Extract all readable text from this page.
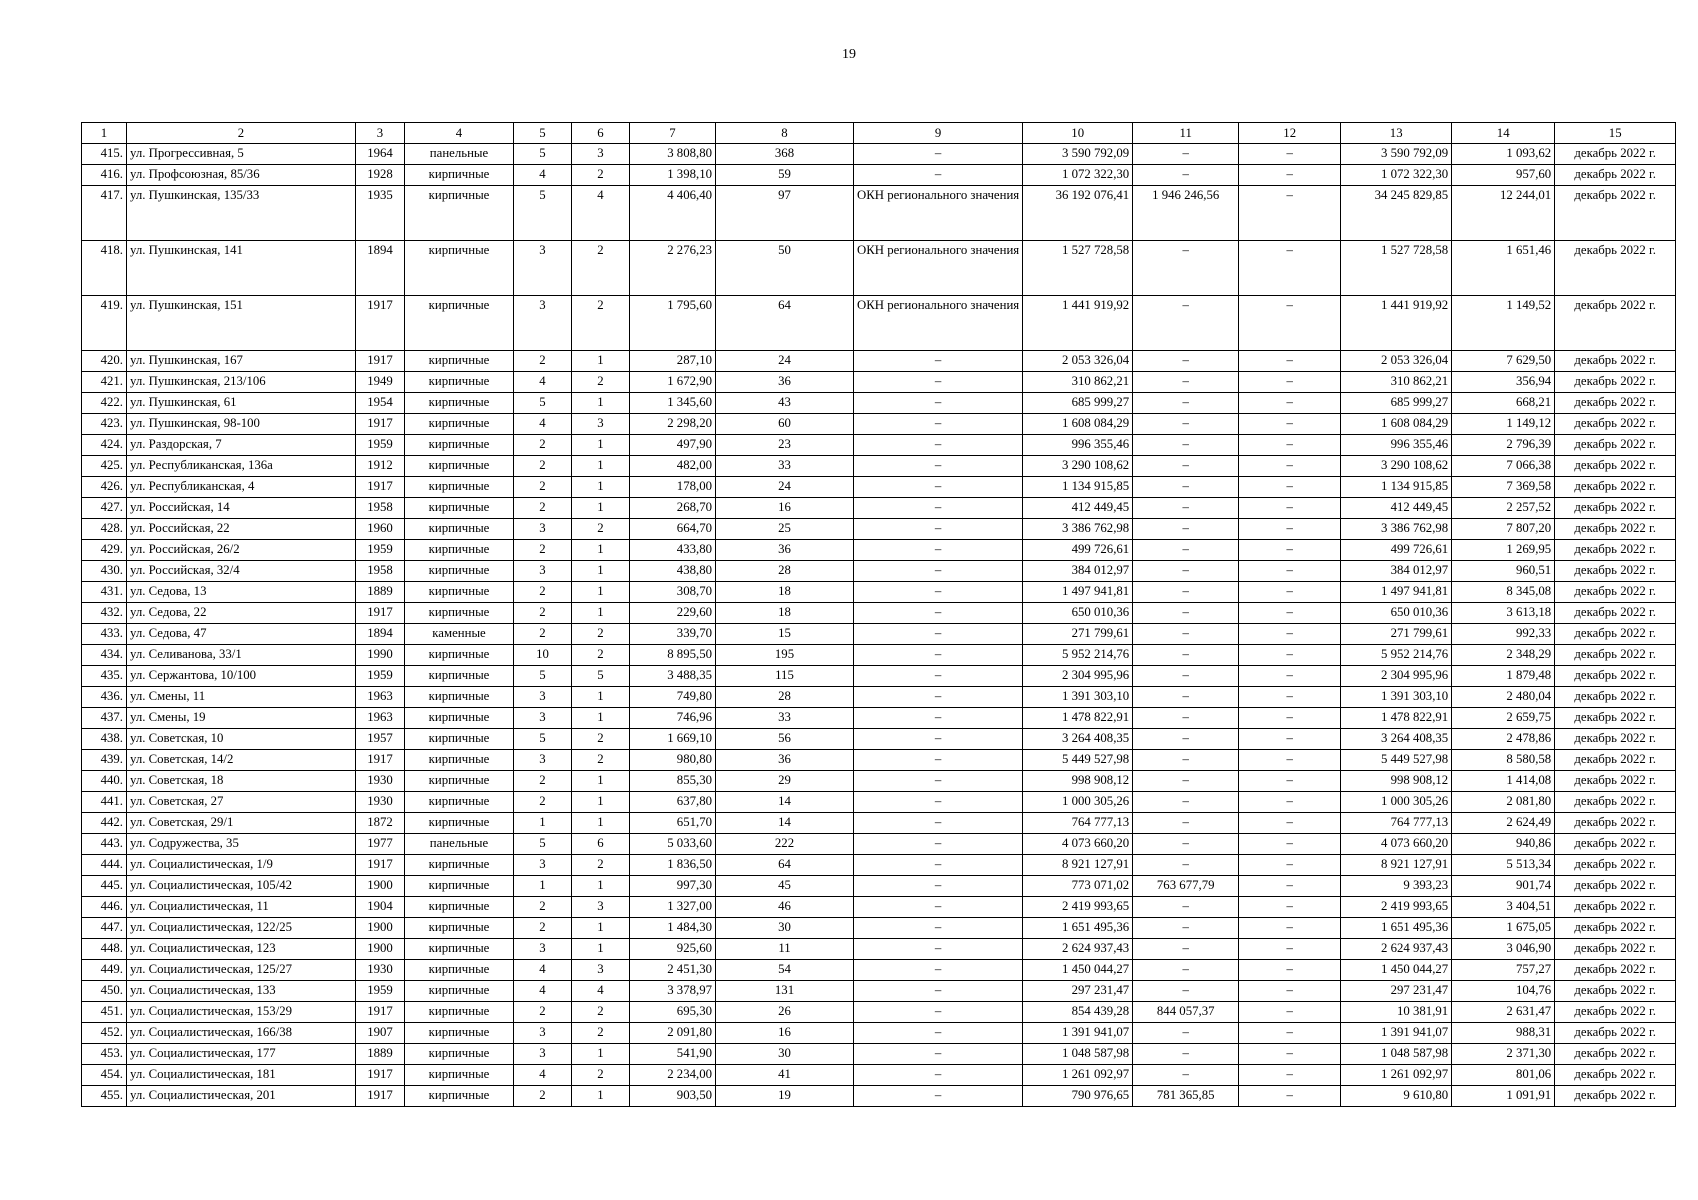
19
1	2	3	4	5	6	7	8	9	10	11	12	13	14	15
415.	ул. Прогрессивная, 5	1964	панельные	5	3	3 808,80	368	–	3 590 792,09	–	–	3 590 792,09	1 093,62	декабрь 2022 г.
416.	ул. Профсоюзная, 85/36	1928	кирпичные	4	2	1 398,10	59	–	1 072 322,30	–	–	1 072 322,30	957,60	декабрь 2022 г.
417.	ул. Пушкинская, 135/33	1935	кирпичные	5	4	4 406,40	97	ОКН регионального значения	36 192 076,41	1 946 246,56	–	34 245 829,85	12 244,01	декабрь 2022 г.
418.	ул. Пушкинская, 141	1894	кирпичные	3	2	2 276,23	50	ОКН регионального значения	1 527 728,58	–	–	1 527 728,58	1 651,46	декабрь 2022 г.
419.	ул. Пушкинская, 151	1917	кирпичные	3	2	1 795,60	64	ОКН регионального значения	1 441 919,92	–	–	1 441 919,92	1 149,52	декабрь 2022 г.
420.	ул. Пушкинская, 167	1917	кирпичные	2	1	287,10	24	–	2 053 326,04	–	–	2 053 326,04	7 629,50	декабрь 2022 г.
421.	ул. Пушкинская, 213/106	1949	кирпичные	4	2	1 672,90	36	–	310 862,21	–	–	310 862,21	356,94	декабрь 2022 г.
422.	ул. Пушкинская, 61	1954	кирпичные	5	1	1 345,60	43	–	685 999,27	–	–	685 999,27	668,21	декабрь 2022 г.
423.	ул. Пушкинская, 98-100	1917	кирпичные	4	3	2 298,20	60	–	1 608 084,29	–	–	1 608 084,29	1 149,12	декабрь 2022 г.
424.	ул. Раздорская, 7	1959	кирпичные	2	1	497,90	23	–	996 355,46	–	–	996 355,46	2 796,39	декабрь 2022 г.
425.	ул. Республиканская, 136а	1912	кирпичные	2	1	482,00	33	–	3 290 108,62	–	–	3 290 108,62	7 066,38	декабрь 2022 г.
426.	ул. Республиканская, 4	1917	кирпичные	2	1	178,00	24	–	1 134 915,85	–	–	1 134 915,85	7 369,58	декабрь 2022 г.
427.	ул. Российская, 14	1958	кирпичные	2	1	268,70	16	–	412 449,45	–	–	412 449,45	2 257,52	декабрь 2022 г.
428.	ул. Российская, 22	1960	кирпичные	3	2	664,70	25	–	3 386 762,98	–	–	3 386 762,98	7 807,20	декабрь 2022 г.
429.	ул. Российская, 26/2	1959	кирпичные	2	1	433,80	36	–	499 726,61	–	–	499 726,61	1 269,95	декабрь 2022 г.
430.	ул. Российская, 32/4	1958	кирпичные	3	1	438,80	28	–	384 012,97	–	–	384 012,97	960,51	декабрь 2022 г.
431.	ул. Седова, 13	1889	кирпичные	2	1	308,70	18	–	1 497 941,81	–	–	1 497 941,81	8 345,08	декабрь 2022 г.
432.	ул. Седова, 22	1917	кирпичные	2	1	229,60	18	–	650 010,36	–	–	650 010,36	3 613,18	декабрь 2022 г.
433.	ул. Седова, 47	1894	каменные	2	2	339,70	15	–	271 799,61	–	–	271 799,61	992,33	декабрь 2022 г.
434.	ул. Селиванова, 33/1	1990	кирпичные	10	2	8 895,50	195	–	5 952 214,76	–	–	5 952 214,76	2 348,29	декабрь 2022 г.
435.	ул. Сержантова, 10/100	1959	кирпичные	5	5	3 488,35	115	–	2 304 995,96	–	–	2 304 995,96	1 879,48	декабрь 2022 г.
436.	ул. Смены, 11	1963	кирпичные	3	1	749,80	28	–	1 391 303,10	–	–	1 391 303,10	2 480,04	декабрь 2022 г.
437.	ул. Смены, 19	1963	кирпичные	3	1	746,96	33	–	1 478 822,91	–	–	1 478 822,91	2 659,75	декабрь 2022 г.
438.	ул. Советская, 10	1957	кирпичные	5	2	1 669,10	56	–	3 264 408,35	–	–	3 264 408,35	2 478,86	декабрь 2022 г.
439.	ул. Советская, 14/2	1917	кирпичные	3	2	980,80	36	–	5 449 527,98	–	–	5 449 527,98	8 580,58	декабрь 2022 г.
440.	ул. Советская, 18	1930	кирпичные	2	1	855,30	29	–	998 908,12	–	–	998 908,12	1 414,08	декабрь 2022 г.
441.	ул. Советская, 27	1930	кирпичные	2	1	637,80	14	–	1 000 305,26	–	–	1 000 305,26	2 081,80	декабрь 2022 г.
442.	ул. Советская, 29/1	1872	кирпичные	1	1	651,70	14	–	764 777,13	–	–	764 777,13	2 624,49	декабрь 2022 г.
443.	ул. Содружества, 35	1977	панельные	5	6	5 033,60	222	–	4 073 660,20	–	–	4 073 660,20	940,86	декабрь 2022 г.
444.	ул. Социалистическая, 1/9	1917	кирпичные	3	2	1 836,50	64	–	8 921 127,91	–	–	8 921 127,91	5 513,34	декабрь 2022 г.
445.	ул. Социалистическая, 105/42	1900	кирпичные	1	1	997,30	45	–	773 071,02	763 677,79	–	9 393,23	901,74	декабрь 2022 г.
446.	ул. Социалистическая, 11	1904	кирпичные	2	3	1 327,00	46	–	2 419 993,65	–	–	2 419 993,65	3 404,51	декабрь 2022 г.
447.	ул. Социалистическая, 122/25	1900	кирпичные	2	1	1 484,30	30	–	1 651 495,36	–	–	1 651 495,36	1 675,05	декабрь 2022 г.
448.	ул. Социалистическая, 123	1900	кирпичные	3	1	925,60	11	–	2 624 937,43	–	–	2 624 937,43	3 046,90	декабрь 2022 г.
449.	ул. Социалистическая, 125/27	1930	кирпичные	4	3	2 451,30	54	–	1 450 044,27	–	–	1 450 044,27	757,27	декабрь 2022 г.
450.	ул. Социалистическая, 133	1959	кирпичные	4	4	3 378,97	131	–	297 231,47	–	–	297 231,47	104,76	декабрь 2022 г.
451.	ул. Социалистическая, 153/29	1917	кирпичные	2	2	695,30	26	–	854 439,28	844 057,37	–	10 381,91	2 631,47	декабрь 2022 г.
452.	ул. Социалистическая, 166/38	1907	кирпичные	3	2	2 091,80	16	–	1 391 941,07	–	–	1 391 941,07	988,31	декабрь 2022 г.
453.	ул. Социалистическая, 177	1889	кирпичные	3	1	541,90	30	–	1 048 587,98	–	–	1 048 587,98	2 371,30	декабрь 2022 г.
454.	ул. Социалистическая, 181	1917	кирпичные	4	2	2 234,00	41	–	1 261 092,97	–	–	1 261 092,97	801,06	декабрь 2022 г.
455.	ул. Социалистическая, 201	1917	кирпичные	2	1	903,50	19	–	790 976,65	781 365,85	–	9 610,80	1 091,91	декабрь 2022 г.
